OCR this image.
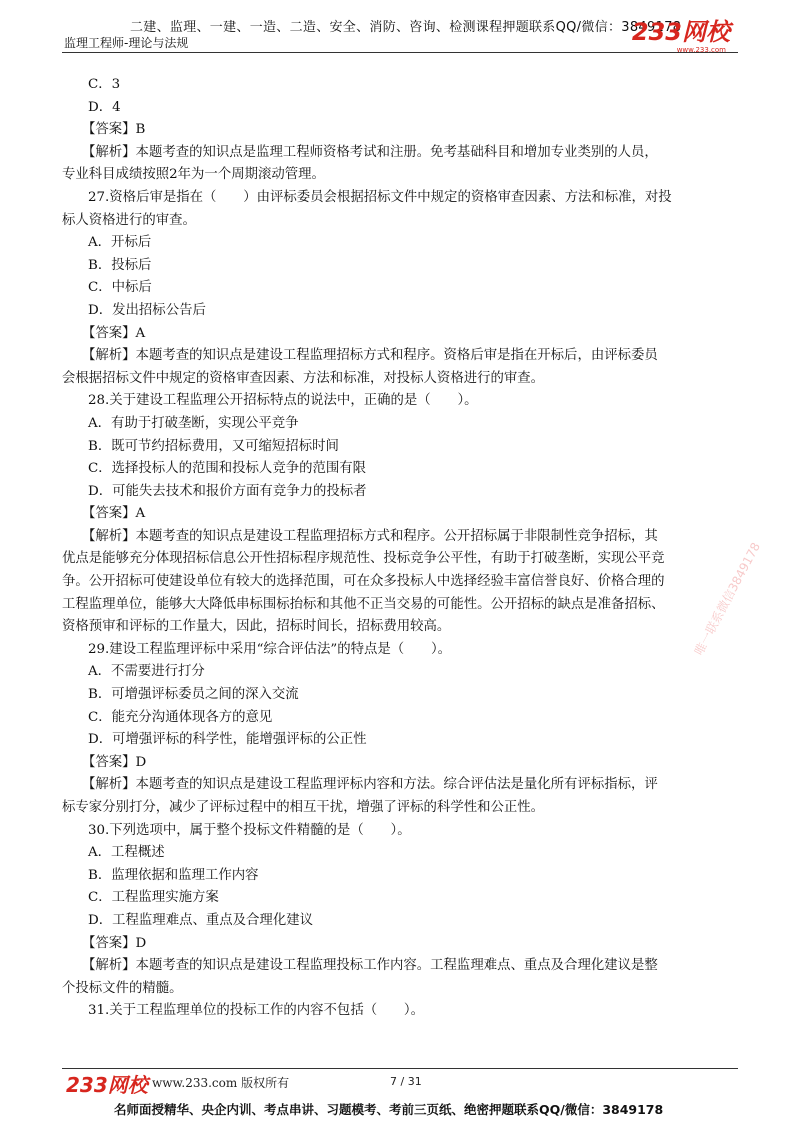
二建、监理、一建、一造、二造、安全、消防、咨询、检测课程押题联系QQ/微信：3849178
监理工程师-理论与法规	233网校
www.233.com
C．3
D．4
【答案】B
【解析】本题考查的知识点是监理工程师资格考试和注册。免考基础科目和增加专业类别的人员，
专业科目成绩按照2年为一个周期滚动管理。
27.资格后审是指在（　　）由评标委员会根据招标文件中规定的资格审查因素、方法和标准，对投
标人资格进行的审查。
A．开标后
B．投标后
C．中标后
D．发出招标公告后
【答案】A
【解析】本题考查的知识点是建设工程监理招标方式和程序。资格后审是指在开标后，由评标委员
会根据招标文件中规定的资格审查因素、方法和标准，对投标人资格进行的审查。
28.关于建设工程监理公开招标特点的说法中，正确的是（　　）。
A．有助于打破垄断，实现公平竞争
B．既可节约招标费用，又可缩短招标时间
C．选择投标人的范围和投标人竞争的范围有限
D．可能失去技术和报价方面有竞争力的投标者
【答案】A
【解析】本题考查的知识点是建设工程监理招标方式和程序。公开招标属于非限制性竞争招标，其
优点是能够充分体现招标信息公开性招标程序规范性、投标竞争公平性，有助于打破垄断，实现公平竞
争。公开招标可使建设单位有较大的选择范围，可在众多投标人中选择经验丰富信誉良好、价格合理的
工程监理单位，能够大大降低串标围标抬标和其他不正当交易的可能性。公开招标的缺点是准备招标、
资格预审和评标的工作量大，因此，招标时间长，招标费用较高。
29.建设工程监理评标中采用“综合评估法”的特点是（　　）。
A．不需要进行打分
B．可增强评标委员之间的深入交流
C．能充分沟通体现各方的意见
D．可增强评标的科学性，能增强评标的公正性
【答案】D
【解析】本题考查的知识点是建设工程监理评标内容和方法。综合评估法是量化所有评标指标，评
标专家分别打分，减少了评标过程中的相互干扰，增强了评标的科学性和公正性。
30.下列选项中，属于整个投标文件精髓的是（　　）。
A．工程概述
B．监理依据和监理工作内容
C．工程监理实施方案
D．工程监理难点、重点及合理化建议
【答案】D
【解析】本题考查的知识点是建设工程监理投标工作内容。工程监理难点、重点及合理化建议是整
个投标文件的精髓。
31.关于工程监理单位的投标工作的内容不包括（　　）。
唯一联系微信3849178
233网校 www.233.com 版权所有	7 / 31
名师面授精华、央企内训、考点串讲、习题模考、考前三页纸、绝密押题联系QQ/微信：3849178
